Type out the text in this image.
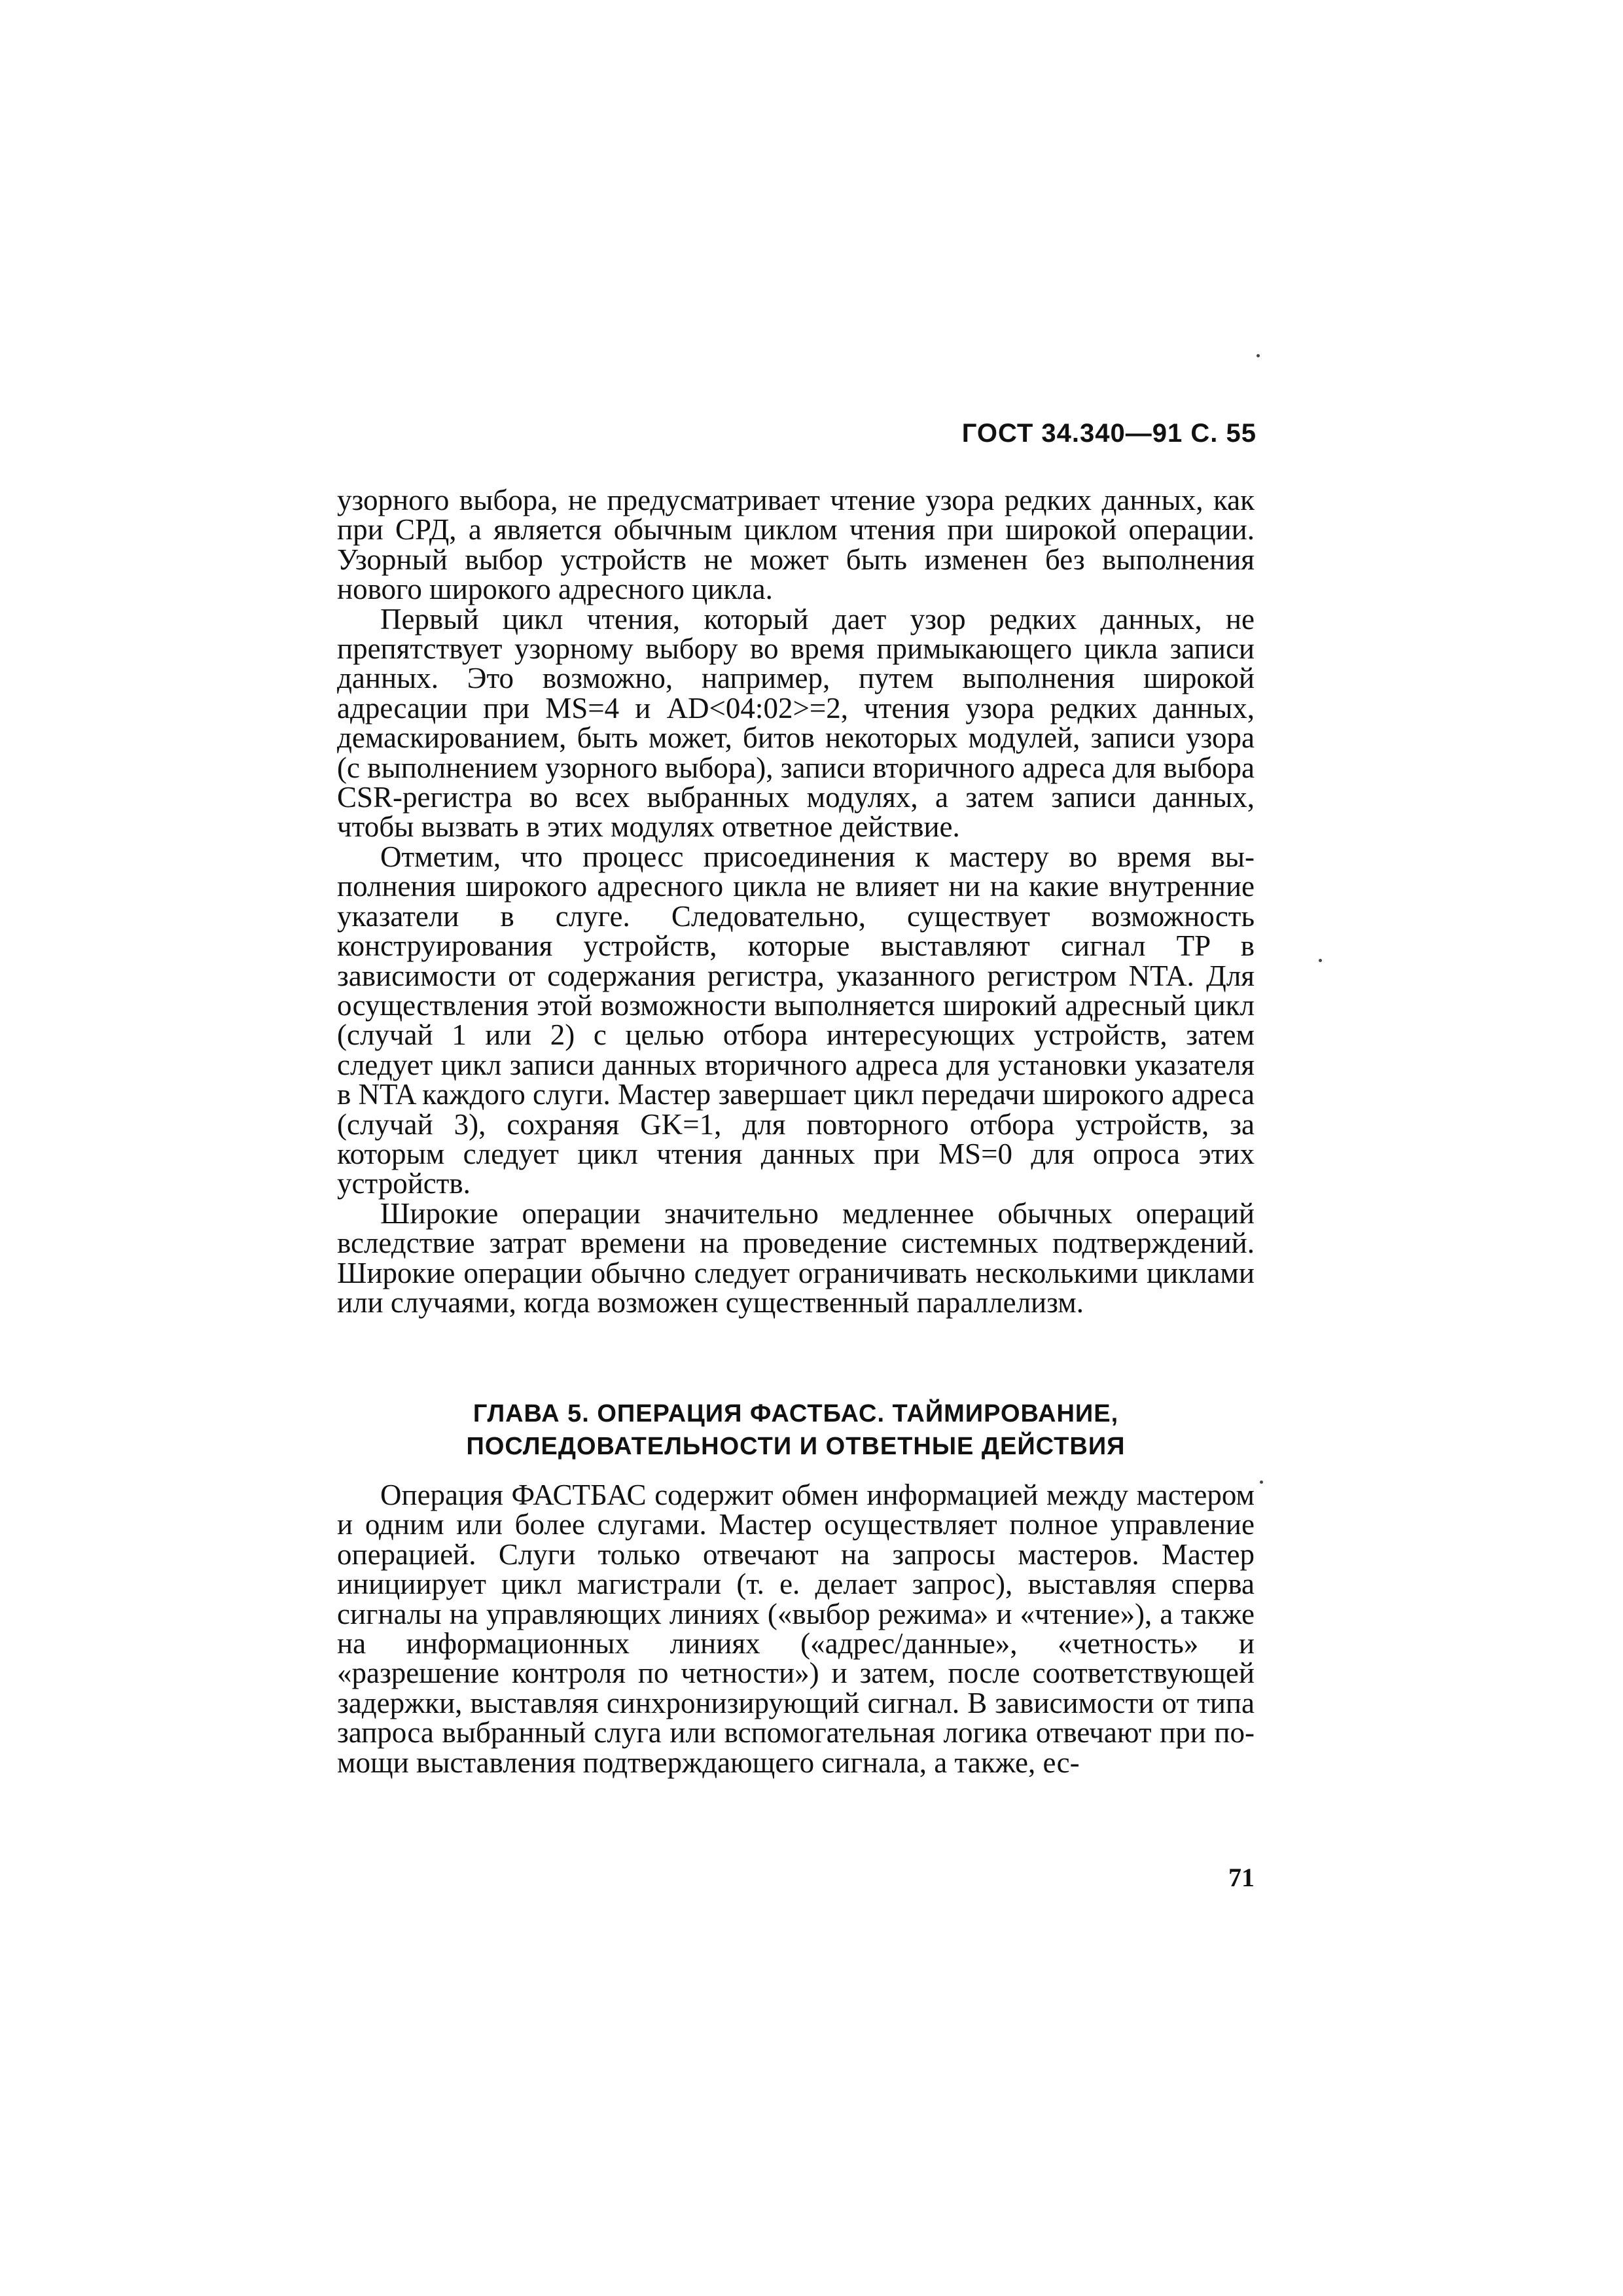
ГОСТ 34.340—91 С. 55

узорного выбора, не предусматривает чтение узора редких данных, как при СРД, а является обычным циклом чтения при широкой операции. Узорный выбор устройств не может быть изменен без выполнения нового широкого адресного цикла.

Первый цикл чтения, который дает узор редких данных, не препятствует узорному выбору во время примыкающего цикла записи данных. Это возможно, например, путем выполнения широкой адресации при MS=4 и AD<04:02>=2, чтения узора редких данных, демаскированием, быть может, битов некоторых модулей, записи узора (с выполнением узорного выбора), записи вторичного адреса для выбора CSR-регистра во всех выбранных модулях, а затем записи данных, чтобы вызвать в этих модулях ответное действие.

Отметим, что процесс присоединения к мастеру во время выполнения широкого адресного цикла не влияет ни на какие внутренние указатели в слуге. Следовательно, существует возможность конструирования устройств, которые выставляют сигнал TP в зависимости от содержания регистра, указанного регистром NTA. Для осуществления этой возможности выполняется широкий адресный цикл (случай 1 или 2) с целью отбора интересующих устройств, затем следует цикл записи данных вторичного адреса для установки указателя в NTA каждого слуги. Мастер завершает цикл передачи широкого адреса (случай 3), сохраняя GK=1, для повторного отбора устройств, за которым следует цикл чтения данных при MS=0 для опроса этих устройств.

Широкие операции значительно медленнее обычных операций вследствие затрат времени на проведение системных подтверждений. Широкие операции обычно следует ограничивать несколькими циклами или случаями, когда возможен существенный параллелизм.

ГЛАВА 5. ОПЕРАЦИЯ ФАСТБАС. ТАЙМИРОВАНИЕ,
ПОСЛЕДОВАТЕЛЬНОСТИ И ОТВЕТНЫЕ ДЕЙСТВИЯ

Операция ФАСТБАС содержит обмен информацией между мастером и одним или более слугами. Мастер осуществляет полное управление операцией. Слуги только отвечают на запросы мастеров. Мастер инициирует цикл магистрали (т. е. делает запрос), выставляя сперва сигналы на управляющих линиях («выбор режима» и «чтение»), а также на информационных линиях («адрес/данные», «четность» и «разрешение контроля по четности») и затем, после соответствующей задержки, выставляя синхронизирующий сигнал. В зависимости от типа запроса выбранный слуга или вспомогательная логика отвечают при помощи выставления подтверждающего сигнала, а также, ес-

71
